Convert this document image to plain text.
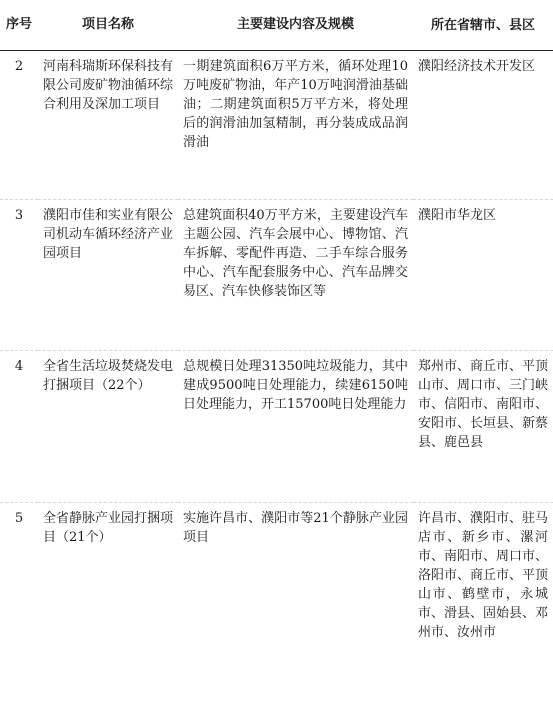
序号	项目名称	主要建设内容及规模	所在省辖市、县区
2	河南科瑞斯环保科技有限公司废矿物油循环综合利用及深加工项目	一期建筑面积6万平方米，循环处理10万吨废矿物油，年产10万吨润滑油基础油；二期建筑面积5万平方米，将处理后的润滑油加氢精制，再分装成成品润滑油	濮阳经济技术开发区
3	濮阳市佳和实业有限公司机动车循环经济产业园项目	总建筑面积40万平方米，主要建设汽车主题公园、汽车会展中心、博物馆、汽车拆解、零配件再造、二手车综合服务中心、汽车配套服务中心、汽车品牌交易区、汽车快修装饰区等	濮阳市华龙区
4	全省生活垃圾焚烧发电打捆项目（22个）	总规模日处理31350吨垃圾能力，其中建成9500吨日处理能力，续建6150吨日处理能力，开工15700吨日处理能力	郑州市、商丘市、平顶山市、周口市、三门峡市、信阳市、南阳市、安阳市、长垣县、新蔡县、鹿邑县
5	全省静脉产业园打捆项目（21个）	实施许昌市、濮阳市等21个静脉产业园项目	许昌市、濮阳市、驻马店市、新乡市、漯河市、南阳市、周口市、洛阳市、商丘市、平顶山市、鹤壁市，永城市、滑县、固始县、邓州市、汝州市
